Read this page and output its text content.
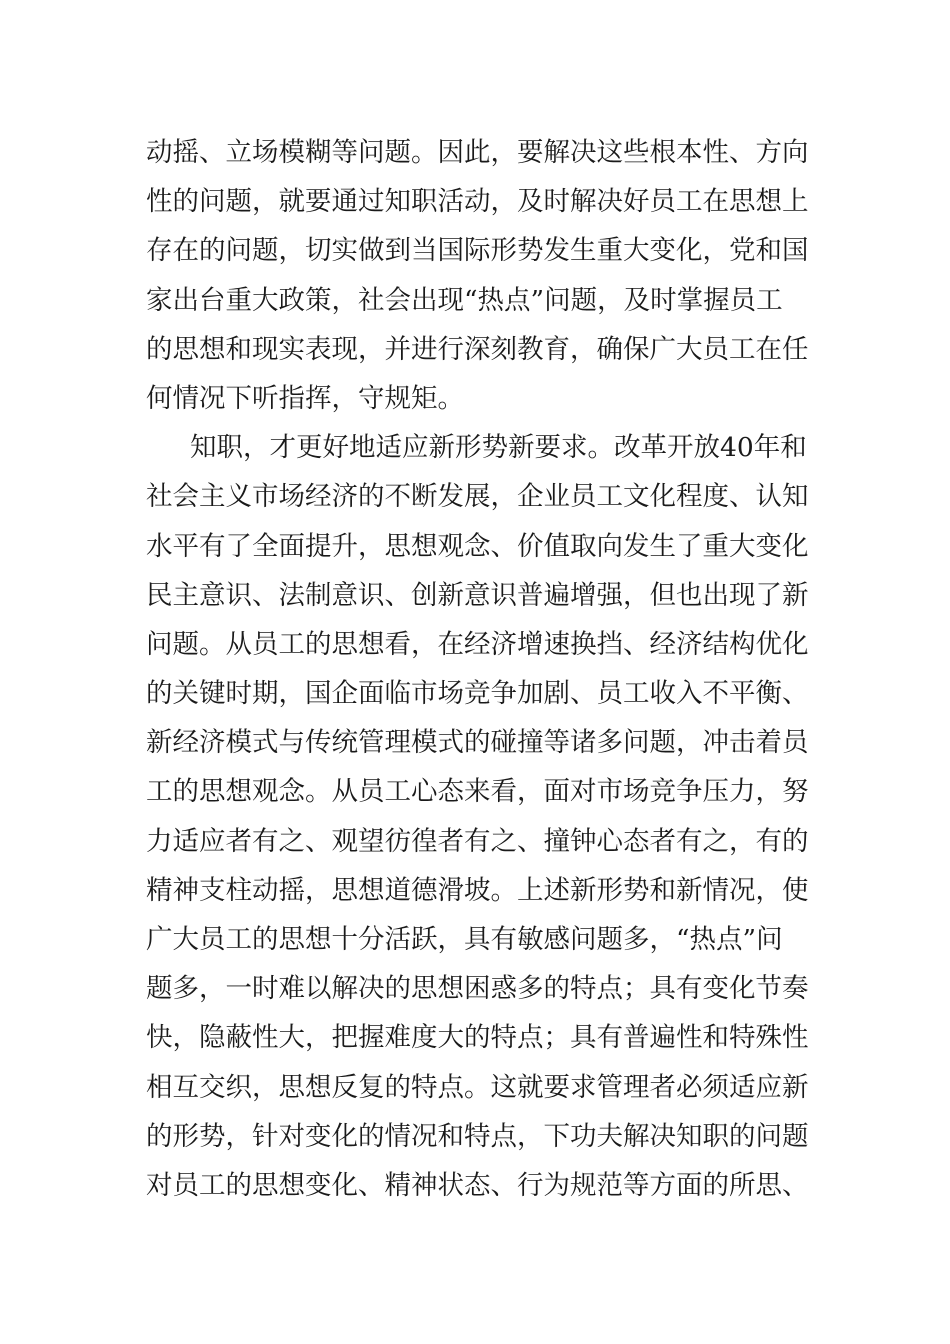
动摇、立场模糊等问题。因此，要解决这些根本性、方向
性的问题，就要通过知职活动，及时解决好员工在思想上
存在的问题，切实做到当国际形势发生重大变化，党和国
家出台重大政策，社会出现“热点”问题，及时掌握员工
的思想和现实表现，并进行深刻教育，确保广大员工在任
何情况下听指挥，守规矩。
知职，才更好地适应新形势新要求。改革开放40年和
社会主义市场经济的不断发展，企业员工文化程度、认知
水平有了全面提升，思想观念、价值取向发生了重大变化
民主意识、法制意识、创新意识普遍增强，但也出现了新
问题。从员工的思想看，在经济增速换挡、经济结构优化
的关键时期，国企面临市场竞争加剧、员工收入不平衡、
新经济模式与传统管理模式的碰撞等诸多问题，冲击着员
工的思想观念。从员工心态来看，面对市场竞争压力，努
力适应者有之、观望彷徨者有之、撞钟心态者有之，有的
精神支柱动摇，思想道德滑坡。上述新形势和新情况，使
广大员工的思想十分活跃，具有敏感问题多，“热点”问
题多，一时难以解决的思想困惑多的特点；具有变化节奏
快，隐蔽性大，把握难度大的特点；具有普遍性和特殊性
相互交织，思想反复的特点。这就要求管理者必须适应新
的形势，针对变化的情况和特点，下功夫解决知职的问题
对员工的思想变化、精神状态、行为规范等方面的所思、
